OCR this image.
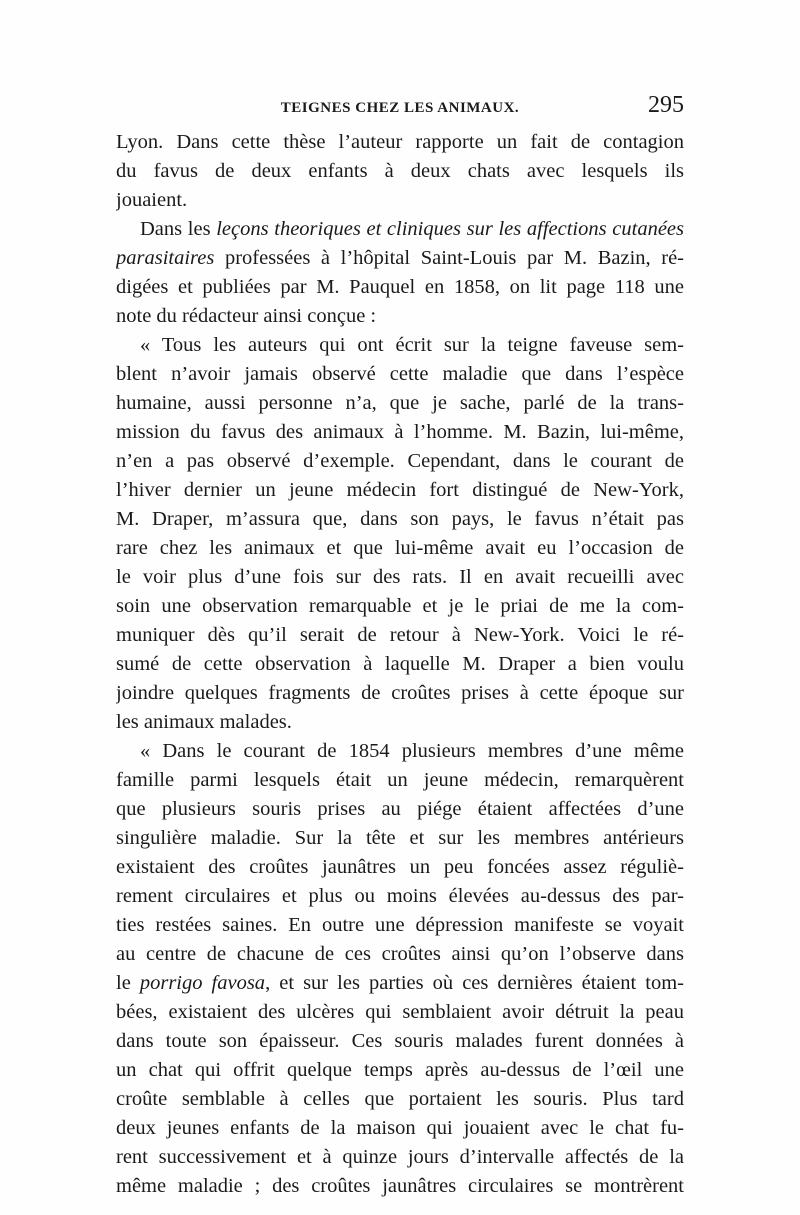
TEIGNES CHEZ LES ANIMAUX.	295
Lyon. Dans cette thèse l’auteur rapporte un fait de contagion
du favus de deux enfants à deux chats avec lesquels ils
jouaient.
Dans les leçons theoriques et cliniques sur les affections cutanées
parasitaires professées à l’hôpital Saint-Louis par M. Bazin, ré-
digées et publiées par M. Pauquel en 1858, on lit page 118 une
note du rédacteur ainsi conçue :
« Tous les auteurs qui ont écrit sur la teigne faveuse sem-
blent n’avoir jamais observé cette maladie que dans l’espèce
humaine, aussi personne n’a, que je sache, parlé de la trans-
mission du favus des animaux à l’homme. M. Bazin, lui-même,
n’en a pas observé d’exemple. Cependant, dans le courant de
l’hiver dernier un jeune médecin fort distingué de New-York,
M. Draper, m’assura que, dans son pays, le favus n’était pas
rare chez les animaux et que lui-même avait eu l’occasion de
le voir plus d’une fois sur des rats. Il en avait recueilli avec
soin une observation remarquable et je le priai de me la com-
muniquer dès qu’il serait de retour à New-York. Voici le ré-
sumé de cette observation à laquelle M. Draper a bien voulu
joindre quelques fragments de croûtes prises à cette époque sur
les animaux malades.
« Dans le courant de 1854 plusieurs membres d’une même
famille parmi lesquels était un jeune médecin, remarquèrent
que plusieurs souris prises au piége étaient affectées d’une
singulière maladie. Sur la tête et sur les membres antérieurs
existaient des croûtes jaunâtres un peu foncées assez réguliè-
rement circulaires et plus ou moins élevées au-dessus des par-
ties restées saines. En outre une dépression manifeste se voyait
au centre de chacune de ces croûtes ainsi qu’on l’observe dans
le porrigo favosa, et sur les parties où ces dernières étaient tom-
bées, existaient des ulcères qui semblaient avoir détruit la peau
dans toute son épaisseur. Ces souris malades furent données à
un chat qui offrit quelque temps après au-dessus de l’œil une
croûte semblable à celles que portaient les souris. Plus tard
deux jeunes enfants de la maison qui jouaient avec le chat fu-
rent successivement et à quinze jours d’intervalle affectés de la
même maladie ; des croûtes jaunâtres circulaires se montrèrent
